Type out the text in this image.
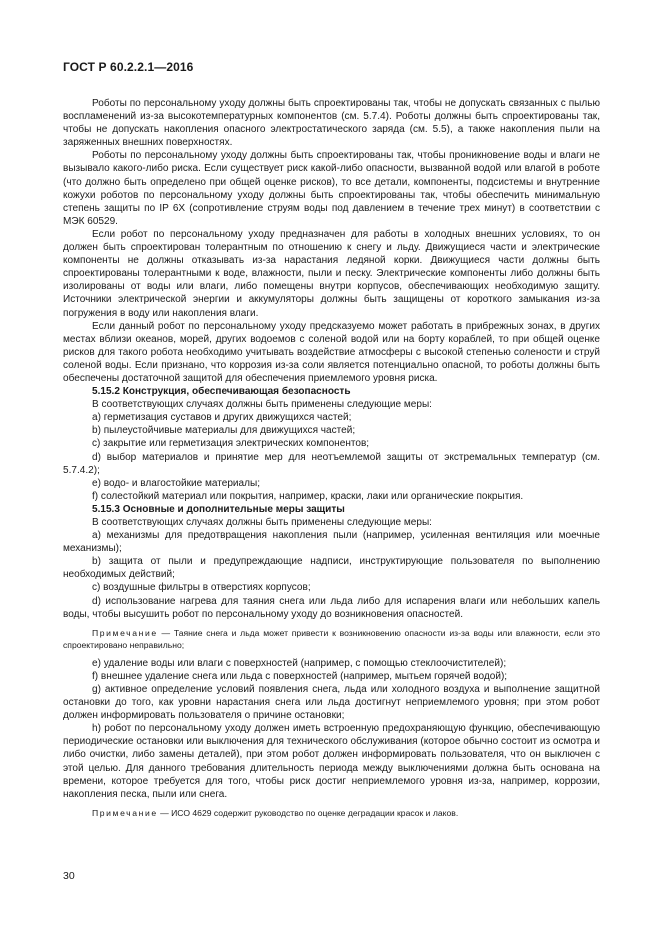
ГОСТ Р 60.2.2.1—2016

Роботы по персональному уходу должны быть спроектированы так, чтобы не допускать связанных с пылью воспламенений из-за высокотемпературных компонентов (см. 5.7.4). Роботы должны быть спроектированы так, чтобы не допускать накопления опасного электростатического заряда (см. 5.5), а также накопления пыли на заряженных внешних поверхностях.

Роботы по персональному уходу должны быть спроектированы так, чтобы проникновение воды и влаги не вызывало какого-либо риска. Если существует риск какой-либо опасности, вызванной водой или влагой в роботе (что должно быть определено при общей оценке рисков), то все детали, компоненты, подсистемы и внутренние кожухи роботов по персональному уходу должны быть спроектированы так, чтобы обеспечить минимальную степень защиты по IP 6X (сопротивление струям воды под давлением в течение трех минут) в соответствии с МЭК 60529.

Если робот по персональному уходу предназначен для работы в холодных внешних условиях, то он должен быть спроектирован толерантным по отношению к снегу и льду. Движущиеся части и электрические компоненты не должны отказывать из-за нарастания ледяной корки. Движущиеся части должны быть спроектированы толерантными к воде, влажности, пыли и песку. Электрические компоненты либо должны быть изолированы от воды или влаги, либо помещены внутри корпусов, обеспечивающих необходимую защиту. Источники электрической энергии и аккумуляторы должны быть защищены от короткого замыкания из-за погружения в воду или накопления влаги.

Если данный робот по персональному уходу предсказуемо может работать в прибрежных зонах, в других местах вблизи океанов, морей, других водоемов с соленой водой или на борту кораблей, то при общей оценке рисков для такого робота необходимо учитывать воздействие атмосферы с высокой степенью солености и струй соленой воды. Если признано, что коррозия из-за соли является потенциально опасной, то роботы должны быть обеспечены достаточной защитой для обеспечения приемлемого уровня риска.

5.15.2 Конструкция, обеспечивающая безопасность

В соответствующих случаях должны быть применены следующие меры:

a) герметизация суставов и других движущихся частей;

b) пылеустойчивые материалы для движущихся частей;

c) закрытие или герметизация электрических компонентов;

d) выбор материалов и принятие мер для неотъемлемой защиты от экстремальных температур (см. 5.7.4.2);

e) водо- и влагостойкие материалы;

f) солестойкий материал или покрытия, например, краски, лаки или органические покрытия.

5.15.3 Основные и дополнительные меры защиты

В соответствующих случаях должны быть применены следующие меры:

a) механизмы для предотвращения накопления пыли (например, усиленная вентиляция или моечные механизмы);

b) защита от пыли и предупреждающие надписи, инструктирующие пользователя по выполнению необходимых действий;

c) воздушные фильтры в отверстиях корпусов;

d) использование нагрева для таяния снега или льда либо для испарения влаги или небольших капель воды, чтобы высушить робот по персональному уходу до возникновения опасностей.

Примечание — Таяние снега и льда может привести к возникновению опасности из-за воды или влажности, если это спроектировано неправильно;

e) удаление воды или влаги с поверхностей (например, с помощью стеклоочистителей);

f) внешнее удаление снега или льда с поверхностей (например, мытьем горячей водой);

g) активное определение условий появления снега, льда или холодного воздуха и выполнение защитной остановки до того, как уровни нарастания снега или льда достигнут неприемлемого уровня; при этом робот должен информировать пользователя о причине остановки;

h) робот по персональному уходу должен иметь встроенную предохраняющую функцию, обеспечивающую периодические остановки или выключения для технического обслуживания (которое обычно состоит из осмотра и либо очистки, либо замены деталей), при этом робот должен информировать пользователя, что он выключен с этой целью. Для данного требования длительность периода между выключениями должна быть основана на времени, которое требуется для того, чтобы риск достиг неприемлемого уровня из-за, например, коррозии, накопления песка, пыли или снега.

Примечание — ИСО 4629 содержит руководство по оценке деградации красок и лаков.

30
